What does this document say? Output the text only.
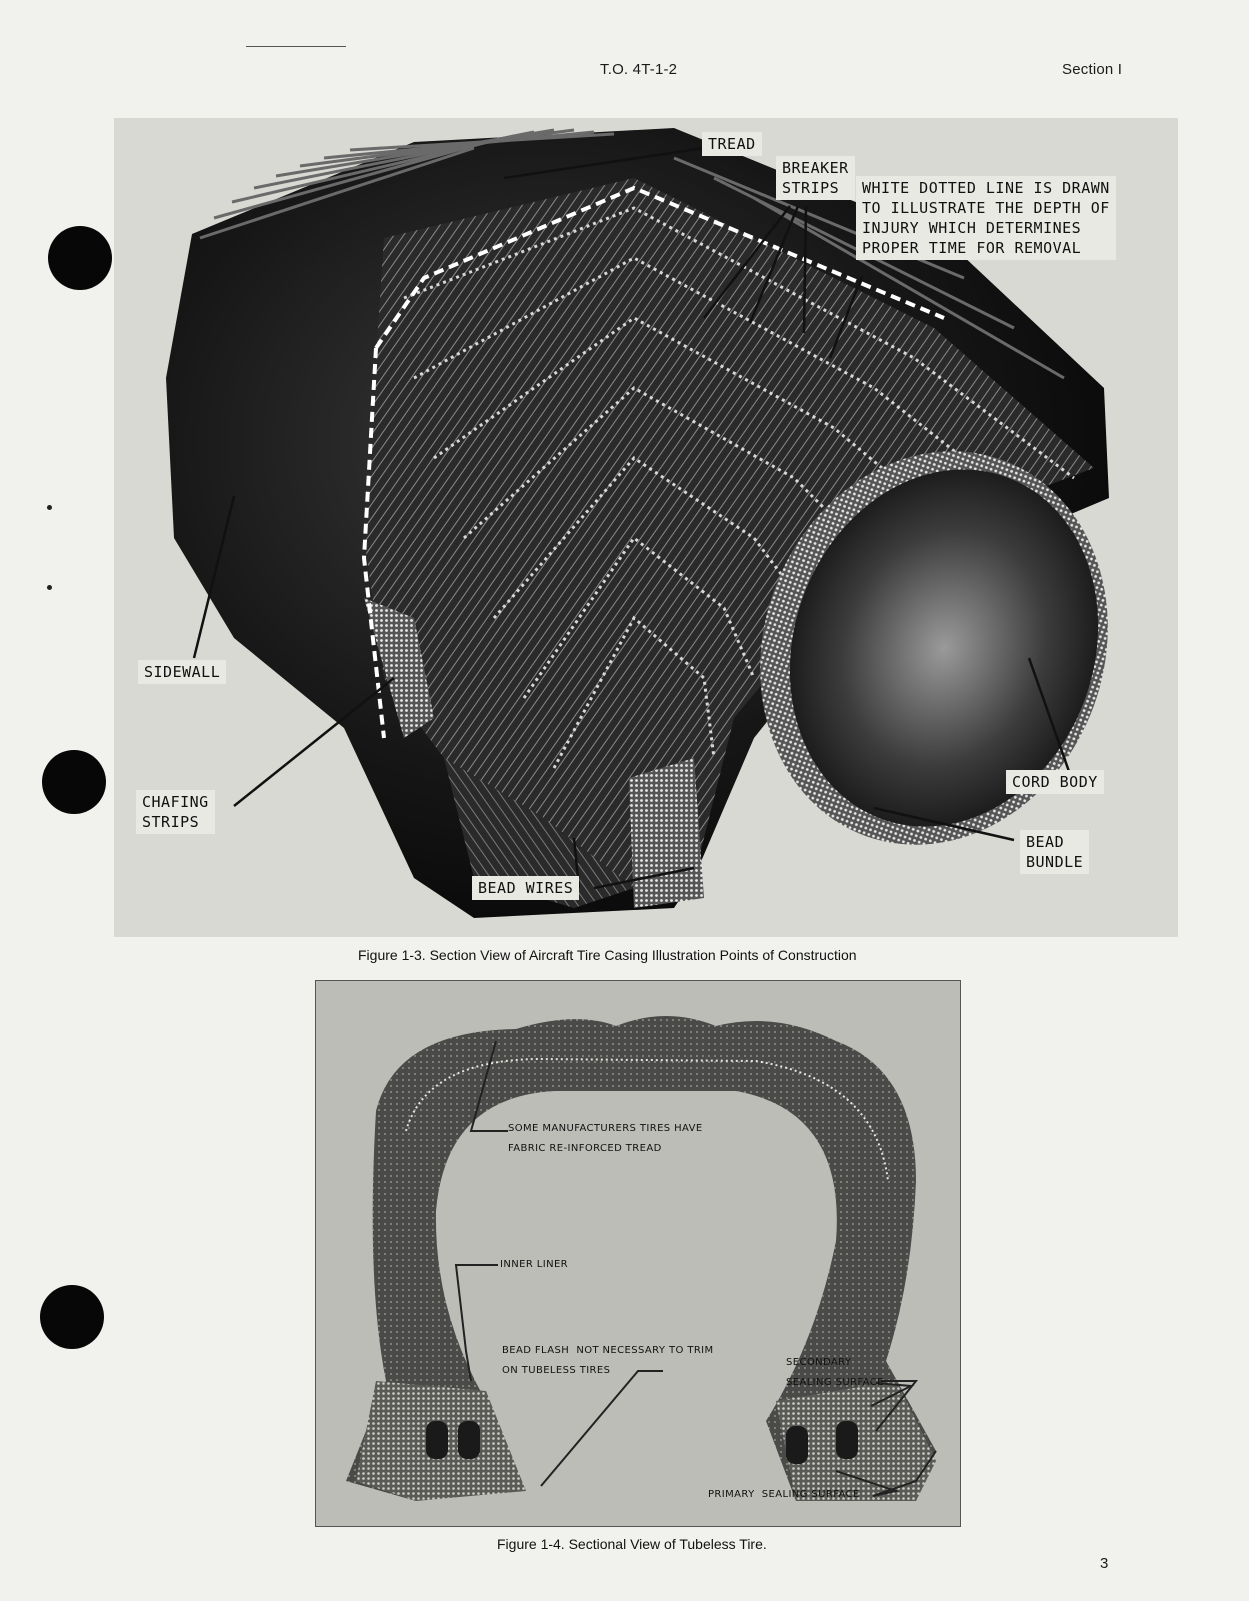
T.O. 4T-1-2	Section I
TREAD
BREAKER
STRIPS	WHITE DOTTED LINE IS DRAWN
TO ILLUSTRATE THE DEPTH OF
INJURY WHICH DETERMINES
PROPER TIME FOR REMOVAL
SIDEWALL
CHAFING
STRIPS
BEAD WIRES
CORD BODY
BEAD
BUNDLE
Figure 1-3. Section View of Aircraft Tire Casing Illustration Points of Construction
SOME MANUFACTURERS TIRES HAVE
FABRIC RE-INFORCED TREAD
INNER LINER
BEAD FLASH  NOT NECESSARY TO TRIM
ON TUBELESS TIRES
SECONDARY
SEALING SURFACE
PRIMARY  SEALING SURFACE
Figure 1-4. Sectional View of Tubeless Tire.
3
